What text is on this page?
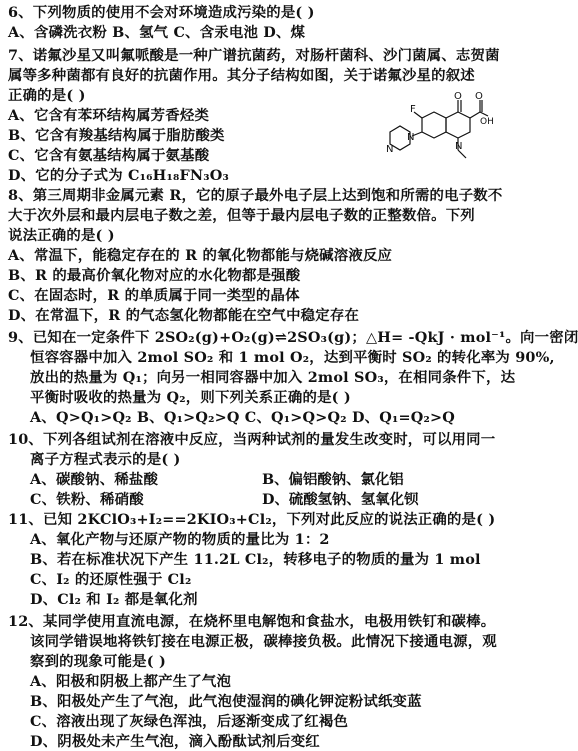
6、下列物质的使用不会对环境造成污染的是( )
A、含磷洗衣粉 B、氢气 C、含汞电池 D、煤
7、诺氟沙星又叫氟哌酸是一种广谱抗菌药，对肠杆菌科、沙门菌属、志贺菌
属等多种菌都有良好的抗菌作用。其分子结构如图，关于诺氟沙星的叙述
正确的是( )
A、它含有苯环结构属芳香烃类
B、它含有羧基结构属于脂肪酸类
C、它含有氨基结构属于氨基酸
D、它的分子式为 C₁₆H₁₈FN₃O₃
F
O O
OH
N
N
N
8、第三周期非金属元素 R，它的原子最外电子层上达到饱和所需的电子数不
大于次外层和最内层电子数之差，但等于最内层电子数的正整数倍。下列
说法正确的是( )
A、常温下，能稳定存在的 R 的氧化物都能与烧碱溶液反应
B、R 的最高价氧化物对应的水化物都是强酸
C、在固态时，R 的单质属于同一类型的晶体
D、在常温下，R 的气态氢化物都能在空气中稳定存在
9、已知在一定条件下 2SO₂(g)+O₂(g)⇌2SO₃(g)；△H= -QkJ · mol⁻¹。向一密闭
恒容容器中加入 2mol SO₂ 和 1 mol O₂，达到平衡时 SO₂ 的转化率为 90%,
放出的热量为 Q₁；向另一相同容器中加入 2mol SO₃，在相同条件下，达
平衡时吸收的热量为 Q₂，则下列关系正确的是( )
A、Q>Q₁>Q₂ B、Q₁>Q₂>Q C、Q₁>Q>Q₂ D、Q₁=Q₂>Q
10、下列各组试剂在溶液中反应，当两种试剂的量发生改变时，可以用同一
离子方程式表示的是( )
A、碳酸钠、稀盐酸	B、偏铝酸钠、氯化铝
C、铁粉、稀硝酸	D、硫酸氢钠、氢氧化钡
11、已知 2KClO₃+I₂==2KIO₃+Cl₂，下列对此反应的说法正确的是( )
A、氧化产物与还原产物的物质的量比为 1：2
B、若在标准状况下产生 11.2L Cl₂，转移电子的物质的量为 1 mol
C、I₂ 的还原性强于 Cl₂
D、Cl₂ 和 I₂ 都是氧化剂
12、某同学使用直流电源，在烧杯里电解饱和食盐水，电极用铁钉和碳棒。
该同学错误地将铁钉接在电源正极，碳棒接负极。此情况下接通电源，观
察到的现象可能是( )
A、阳极和阴极上都产生了气泡
B、阳极处产生了气泡，此气泡使湿润的碘化钾淀粉试纸变蓝
C、溶液出现了灰绿色浑浊，后逐渐变成了红褐色
D、阴极处未产生气泡，滴入酚酞试剂后变红
